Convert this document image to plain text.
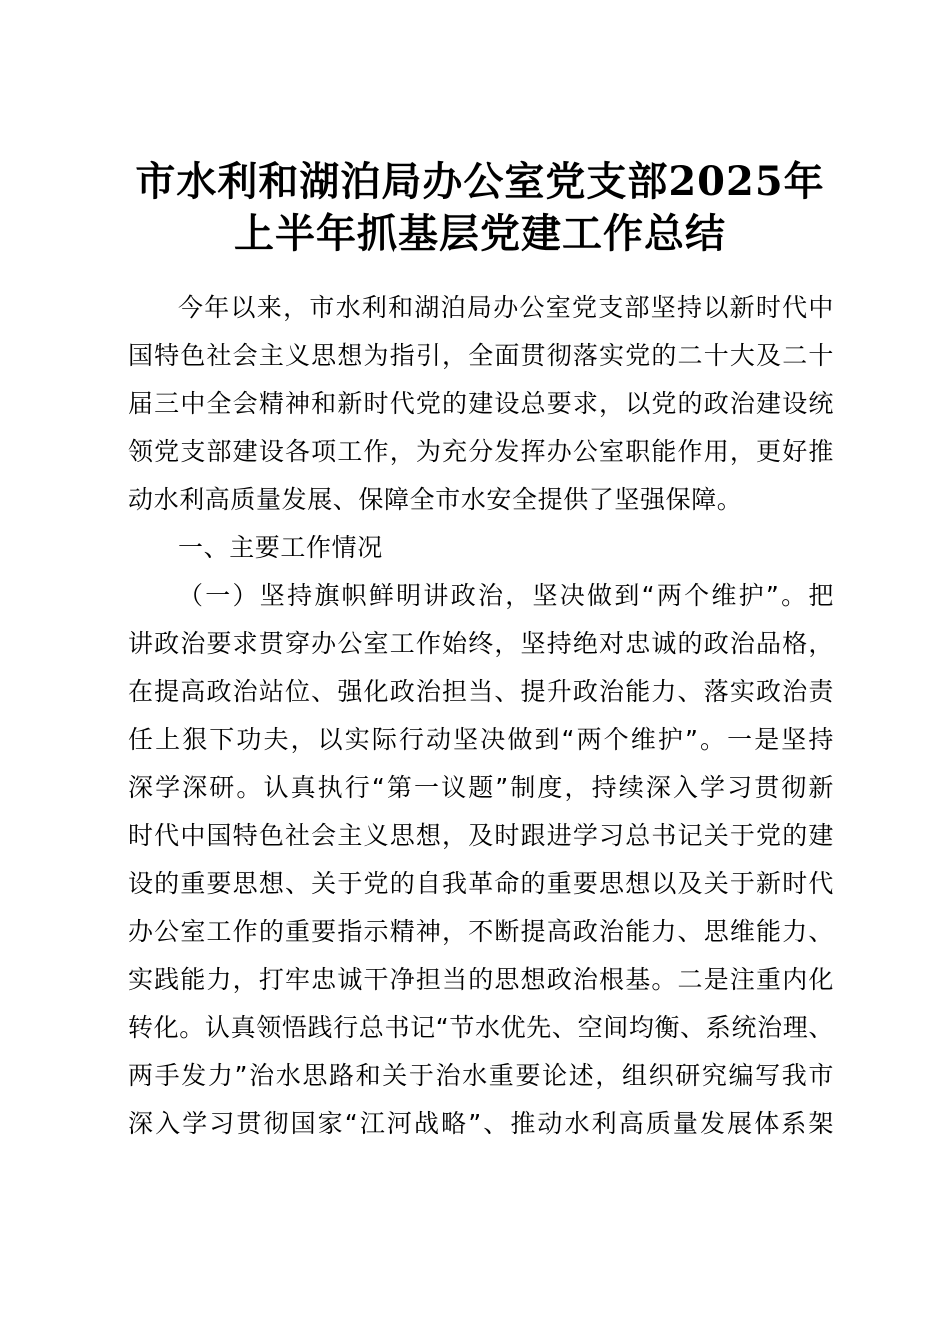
市水利和湖泊局办公室党支部2025年
上半年抓基层党建工作总结
今年以来，市水利和湖泊局办公室党支部坚持以新时代中
国特色社会主义思想为指引，全面贯彻落实党的二十大及二十
届三中全会精神和新时代党的建设总要求，以党的政治建设统
领党支部建设各项工作，为充分发挥办公室职能作用，更好推
动水利高质量发展、保障全市水安全提供了坚强保障。
一、主要工作情况
（一）坚持旗帜鲜明讲政治，坚决做到“两个维护”。把
讲政治要求贯穿办公室工作始终，坚持绝对忠诚的政治品格，
在提高政治站位、强化政治担当、提升政治能力、落实政治责
任上狠下功夫，以实际行动坚决做到“两个维护”。一是坚持
深学深研。认真执行“第一议题”制度，持续深入学习贯彻新
时代中国特色社会主义思想，及时跟进学习总书记关于党的建
设的重要思想、关于党的自我革命的重要思想以及关于新时代
办公室工作的重要指示精神，不断提高政治能力、思维能力、
实践能力，打牢忠诚干净担当的思想政治根基。二是注重内化
转化。认真领悟践行总书记“节水优先、空间均衡、系统治理、
两手发力”治水思路和关于治水重要论述，组织研究编写我市
深入学习贯彻国家“江河战略”、推动水利高质量发展体系架
